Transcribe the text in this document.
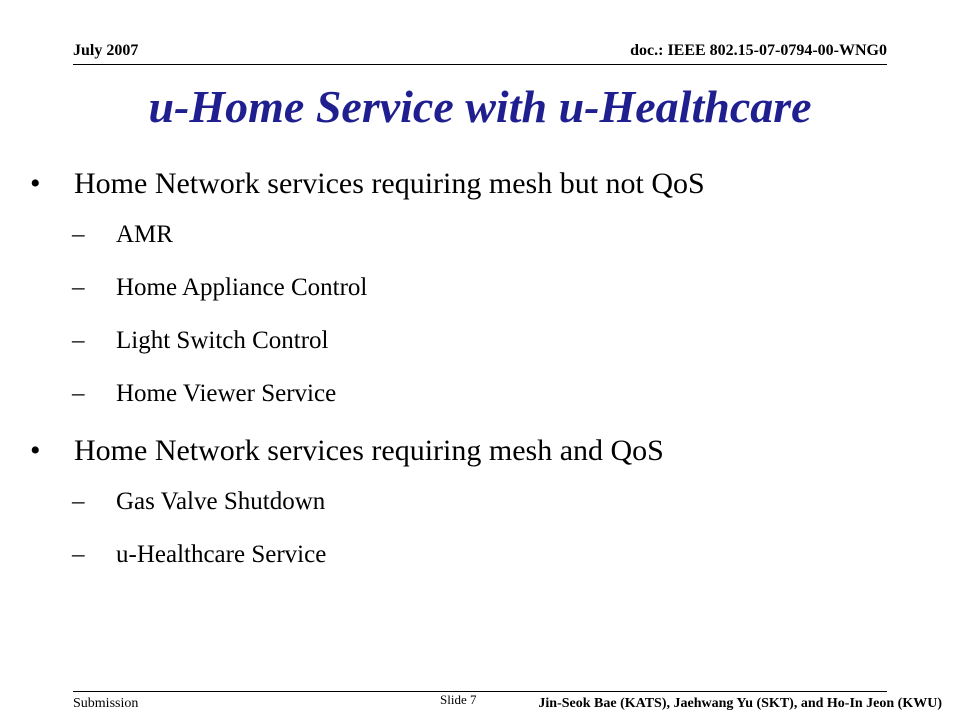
July 2007	doc.: IEEE 802.15-07-0794-00-WNG0
u-Home Service with u-Healthcare
• Home Network services requiring mesh but not QoS
– AMR
– Home Appliance Control
– Light Switch Control
– Home Viewer Service
• Home Network services requiring mesh and QoS
– Gas Valve Shutdown
– u-Healthcare Service
Submission	Slide 7	Jin-Seok Bae (KATS), Jaehwang Yu (SKT), and Ho-In Jeon (KWU)
